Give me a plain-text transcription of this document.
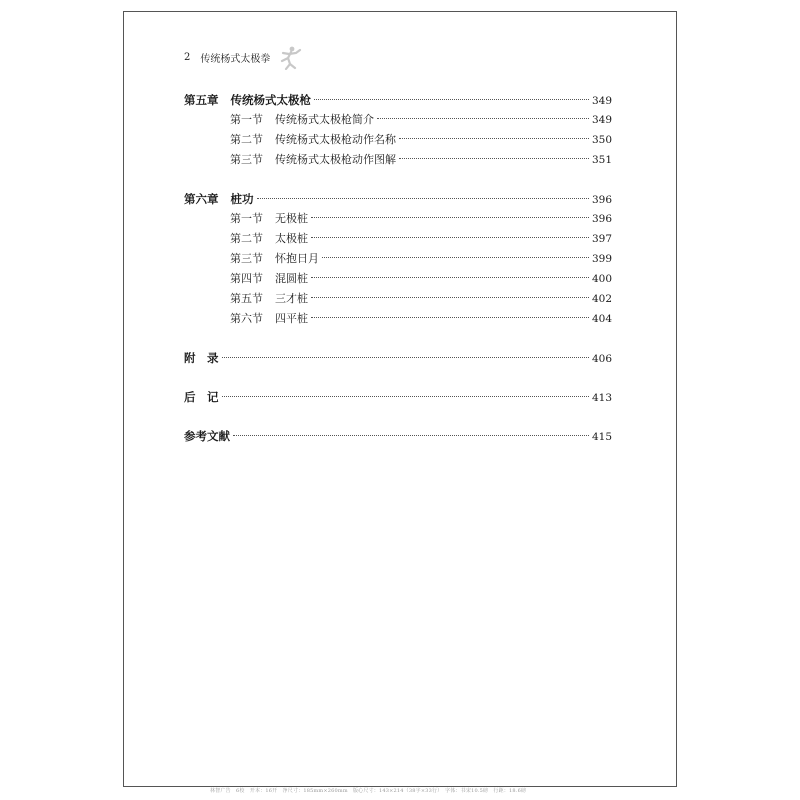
2 传统杨式太极拳
第五章 传统杨式太极枪	349
第一节 传统杨式太极枪简介	349
第二节 传统杨式太极枪动作名称	350
第三节 传统杨式太极枪动作图解	351
第六章 桩功	396
第一节 无极桩	396
第二节 太极桩	397
第三节 怀抱日月	399
第四节 混圆桩	400
第五节 三才桩	402
第六节 四平桩	404
附　录	406
后　记	413
参考文献	415
林智广告　6校　开本：16开　净尺寸：185mm×260mm　版心尺寸：143×214（38字×33行）　字体：书宋10.5磅　行距：18.6磅
